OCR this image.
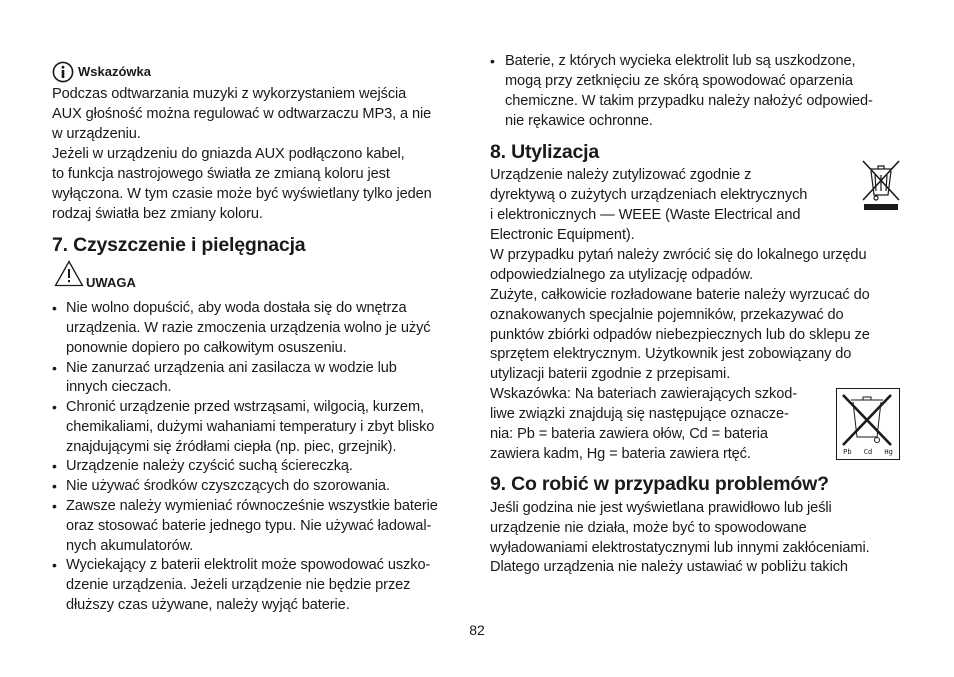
Wskazówka
Podczas odtwarzania muzyki z wykorzystaniem wejścia
AUX głośność można regulować w odtwarzaczu MP3, a nie
w urządzeniu.
Jeżeli w urządzeniu do gniazda AUX podłączono kabel,
to funkcja nastrojowego światła ze zmianą koloru jest
wyłączona. W tym czasie może być wyświetlany tylko jeden
rodzaj światła bez zmiany koloru.
7. Czyszczenie i pielęgnacja
UWAGA
• Nie wolno dopuścić, aby woda dostała się do wnętrza
urządzenia. W razie zmoczenia urządzenia wolno je użyć
ponownie dopiero po całkowitym osuszeniu.
• Nie zanurzać urządzenia ani zasilacza w wodzie lub
innych cieczach.
• Chronić urządzenie przed wstrząsami, wilgocią, kurzem,
chemikaliami, dużymi wahaniami temperatury i zbyt blisko
znajdującymi się źródłami ciepła (np. piec, grzejnik).
• Urządzenie należy czyścić suchą ściereczką.
• Nie używać środków czyszczących do szorowania.
• Zawsze należy wymieniać równocześnie wszystkie baterie
oraz stosować baterie jednego typu. Nie używać ładowal-
nych akumulatorów.
• Wyciekający z baterii elektrolit może spowodować uszko-
dzenie urządzenia. Jeżeli urządzenie nie będzie przez
dłuższy czas używane, należy wyjąć baterie.
• Baterie, z których wycieka elektrolit lub są uszkodzone,
mogą przy zetknięciu ze skórą spowodować oparzenia
chemiczne. W takim przypadku należy nałożyć odpowied-
nie rękawice ochronne.
8. Utylizacja
Urządzenie należy zutylizować zgodnie z
dyrektywą o zużytych urządzeniach elektrycznych
i elektronicznych — WEEE (Waste Electrical and
Electronic Equipment).
W przypadku pytań należy zwrócić się do lokalnego urzędu
odpowiedzialnego za utylizację odpadów.
Zużyte, całkowicie rozładowane baterie należy wyrzucać do
oznakowanych specjalnie pojemników, przekazywać do
punktów zbiórki odpadów niebezpiecznych lub do sklepu ze
sprzętem elektrycznym. Użytkownik jest zobowiązany do
utylizacji baterii zgodnie z przepisami.
Wskazówka: Na bateriach zawierających szkod-
liwe związki znajdują się następujące oznacze-
nia: Pb = bateria zawiera ołów, Cd = bateria
zawiera kadm, Hg = bateria zawiera rtęć.	Pb Cd Hg
9. Co robić w przypadku problemów?
Jeśli godzina nie jest wyświetlana prawidłowo lub jeśli
urządzenie nie działa, może być to spowodowane
wyładowaniami elektrostatycznymi lub innymi zakłóceniami.
Dlatego urządzenia nie należy ustawiać w pobliżu takich
82
